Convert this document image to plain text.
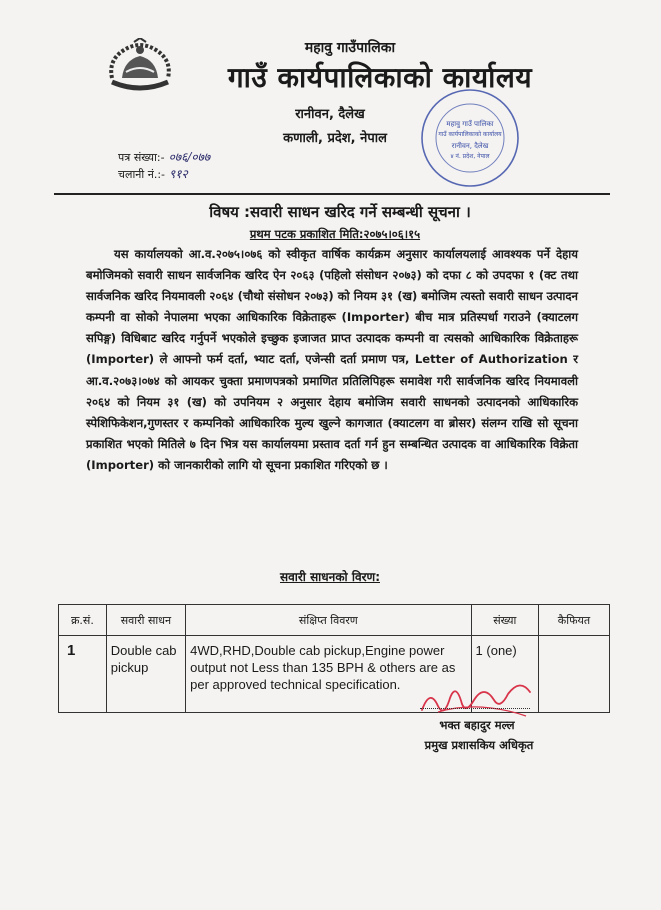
महावु गाउँपालिका
गाउँ कार्यपालिकाको कार्यालय
रानीवन, दैलेख
कणाली, प्रदेश, नेपाल
महावु गाउँ पालिका
गाउँ कार्यपालिकाको कार्यालय
रानीवन, दैलेख
४ नं. प्रदेश, नेपाल
पत्र संख्या:- ०७६/०७७
चलानी नं.:- ९१२
विषय :सवारी साधन खरिद गर्ने सम्बन्धी सूचना ।
प्रथम पटक प्रकाशित मिति:२०७५।०६।१५
यस कार्यालयको आ.व.२०७५।०७६ को स्वीकृत वार्षिक कार्यक्रम अनुसार कार्यालयलाई आवश्यक पर्ने देहाय बमोजिमको सवारी साधन सार्वजनिक खरिद ऐन २०६३ (पहिलो संसोधन २०७३) को दफा ८ को उपदफा १ (क्ट तथा सार्वजनिक खरिद नियमावली २०६४ (चौथो संसोधन २०७३) को नियम ३१ (ख) बमोजिम त्यस्तो सवारी साधन उत्पादन कम्पनी वा सोको नेपालमा भएका आधिकारिक विक्रेताहरू (Importer) बीच मात्र प्रतिस्पर्धा गराउने (क्याटलग सपिङ्ग) विधिबाट खरिद गर्नुपर्ने भएकोले इच्छुक इजाजत प्राप्त उत्पादक कम्पनी वा त्यसको आधिकारिक विक्रेताहरू (Importer) ले आफ्नो फर्म दर्ता, भ्याट दर्ता, एजेन्सी दर्ता प्रमाण पत्र, Letter of Authorization र आ.व.२०७३।०७४ को आयकर चुक्ता प्रमाणपत्रको प्रमाणित प्रतिलिपिहरू समावेश गरी सार्वजनिक खरिद नियमावली २०६४ को नियम ३१ (ख) को उपनियम २ अनुसार देहाय बमोजिम सवारी साधनको उत्पादनको आधिकारिक स्पेशिफिकेशन,गुणस्तर र कम्पनिको आधिकारिक मुल्य खुल्ने कागजात (क्याटलग वा ब्रोसर) संलग्न राखि सो सूचना प्रकाशित भएको मितिले ७ दिन भित्र यस कार्यालयमा प्रस्ताव दर्ता गर्न हुन सम्बन्धित उत्पादक वा आधिकारिक विक्रेता (Importer) को जानकारीको लागि यो सूचना प्रकाशित गरिएको छ ।
सवारी साधनको विरण:
क्र.सं.	सवारी साधन	संक्षिप्त विवरण	संख्या	कैफियत
1	Double cab pickup	4WD,RHD,Double cab pickup,Engine power output not Less than 135 BPH & others are as per approved technical specification.	1 (one)	
भक्त बहादुर मल्ल
प्रमुख प्रशासकिय अधिकृत
